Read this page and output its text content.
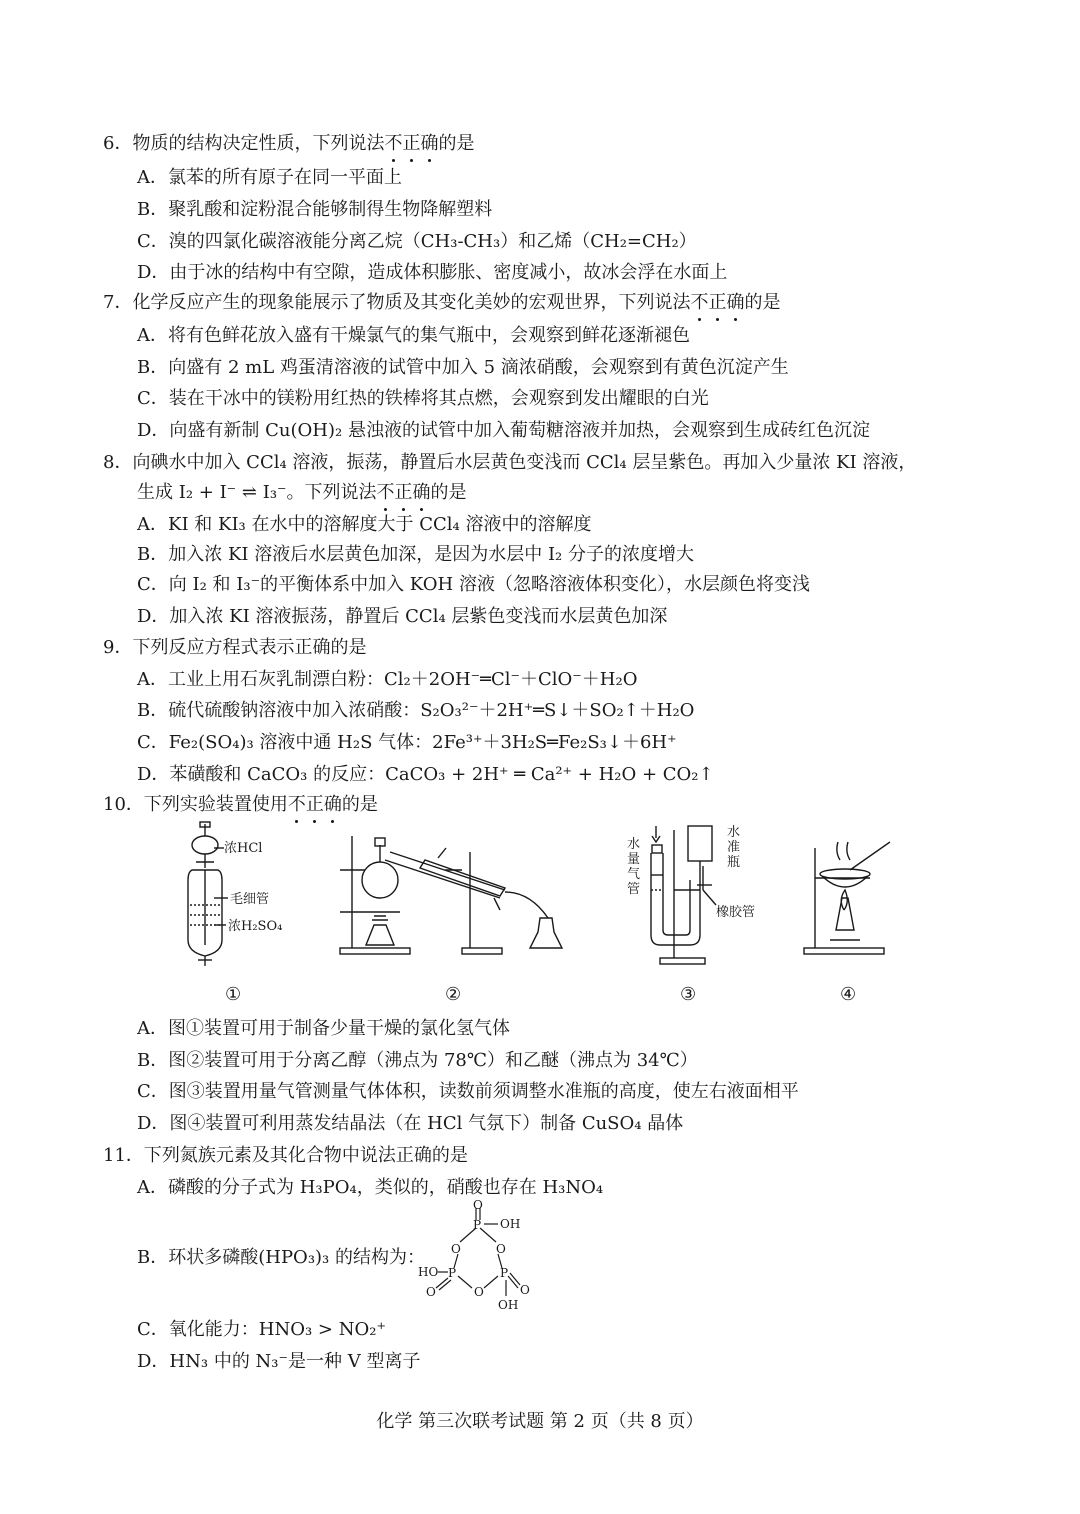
6．物质的结构决定性质，下列说法不正确的是
A．氯苯的所有原子在同一平面上
B．聚乳酸和淀粉混合能够制得生物降解塑料
C．溴的四氯化碳溶液能分离乙烷（CH₃-CH₃）和乙烯（CH₂=CH₂）
D．由于冰的结构中有空隙，造成体积膨胀、密度减小，故冰会浮在水面上
7．化学反应产生的现象能展示了物质及其变化美妙的宏观世界，下列说法不正确的是
A．将有色鲜花放入盛有干燥氯气的集气瓶中，会观察到鲜花逐渐褪色
B．向盛有 2 mL 鸡蛋清溶液的试管中加入 5 滴浓硝酸，会观察到有黄色沉淀产生
C．装在干冰中的镁粉用红热的铁棒将其点燃，会观察到发出耀眼的白光
D．向盛有新制 Cu(OH)₂ 悬浊液的试管中加入葡萄糖溶液并加热，会观察到生成砖红色沉淀
8．向碘水中加入 CCl₄ 溶液，振荡，静置后水层黄色变浅而 CCl₄ 层呈紫色。再加入少量浓 KI 溶液，
生成 I₂ + I⁻ ⇌ I₃⁻。下列说法不正确的是
A．KI 和 KI₃ 在水中的溶解度大于 CCl₄ 溶液中的溶解度
B．加入浓 KI 溶液后水层黄色加深，是因为水层中 I₂ 分子的浓度增大
C．向 I₂ 和 I₃⁻的平衡体系中加入 KOH 溶液（忽略溶液体积变化），水层颜色将变浅
D．加入浓 KI 溶液振荡，静置后 CCl₄ 层紫色变浅而水层黄色加深
9．下列反应方程式表示正确的是
A．工业上用石灰乳制漂白粉：Cl₂＋2OH⁻═Cl⁻＋ClO⁻＋H₂O
B．硫代硫酸钠溶液中加入浓硝酸：S₂O₃²⁻＋2H⁺═S↓＋SO₂↑＋H₂O
C．Fe₂(SO₄)₃ 溶液中通 H₂S 气体：2Fe³⁺＋3H₂S═Fe₂S₃↓＋6H⁺
D．苯磺酸和 CaCO₃ 的反应：CaCO₃ + 2H⁺ ═ Ca²⁺ + H₂O + CO₂↑
10．下列实验装置使用不正确的是
浓HCl
毛细管
浓H₂SO₄
水
量
气
管
水
准
瓶
橡胶管
①	②	③	④
A．图①装置可用于制备少量干燥的氯化氢气体
B．图②装置可用于分离乙醇（沸点为 78℃）和乙醚（沸点为 34℃）
C．图③装置用量气管测量气体体积，读数前须调整水准瓶的高度，使左右液面相平
D．图④装置可利用蒸发结晶法（在 HCl 气氛下）制备 CuSO₄ 晶体
11．下列氮族元素及其化合物中说法正确的是
A．磷酸的分子式为 H₃PO₄，类似的，硝酸也存在 H₃NO₄
B．环状多磷酸(HPO₃)₃ 的结构为：
O
P OH
O	O
P	P
HO
O
O	O
OH
C．氧化能力：HNO₃ > NO₂⁺
D．HN₃ 中的 N₃⁻是一种 V 型离子
化学 第三次联考试题 第 2 页（共 8 页）
